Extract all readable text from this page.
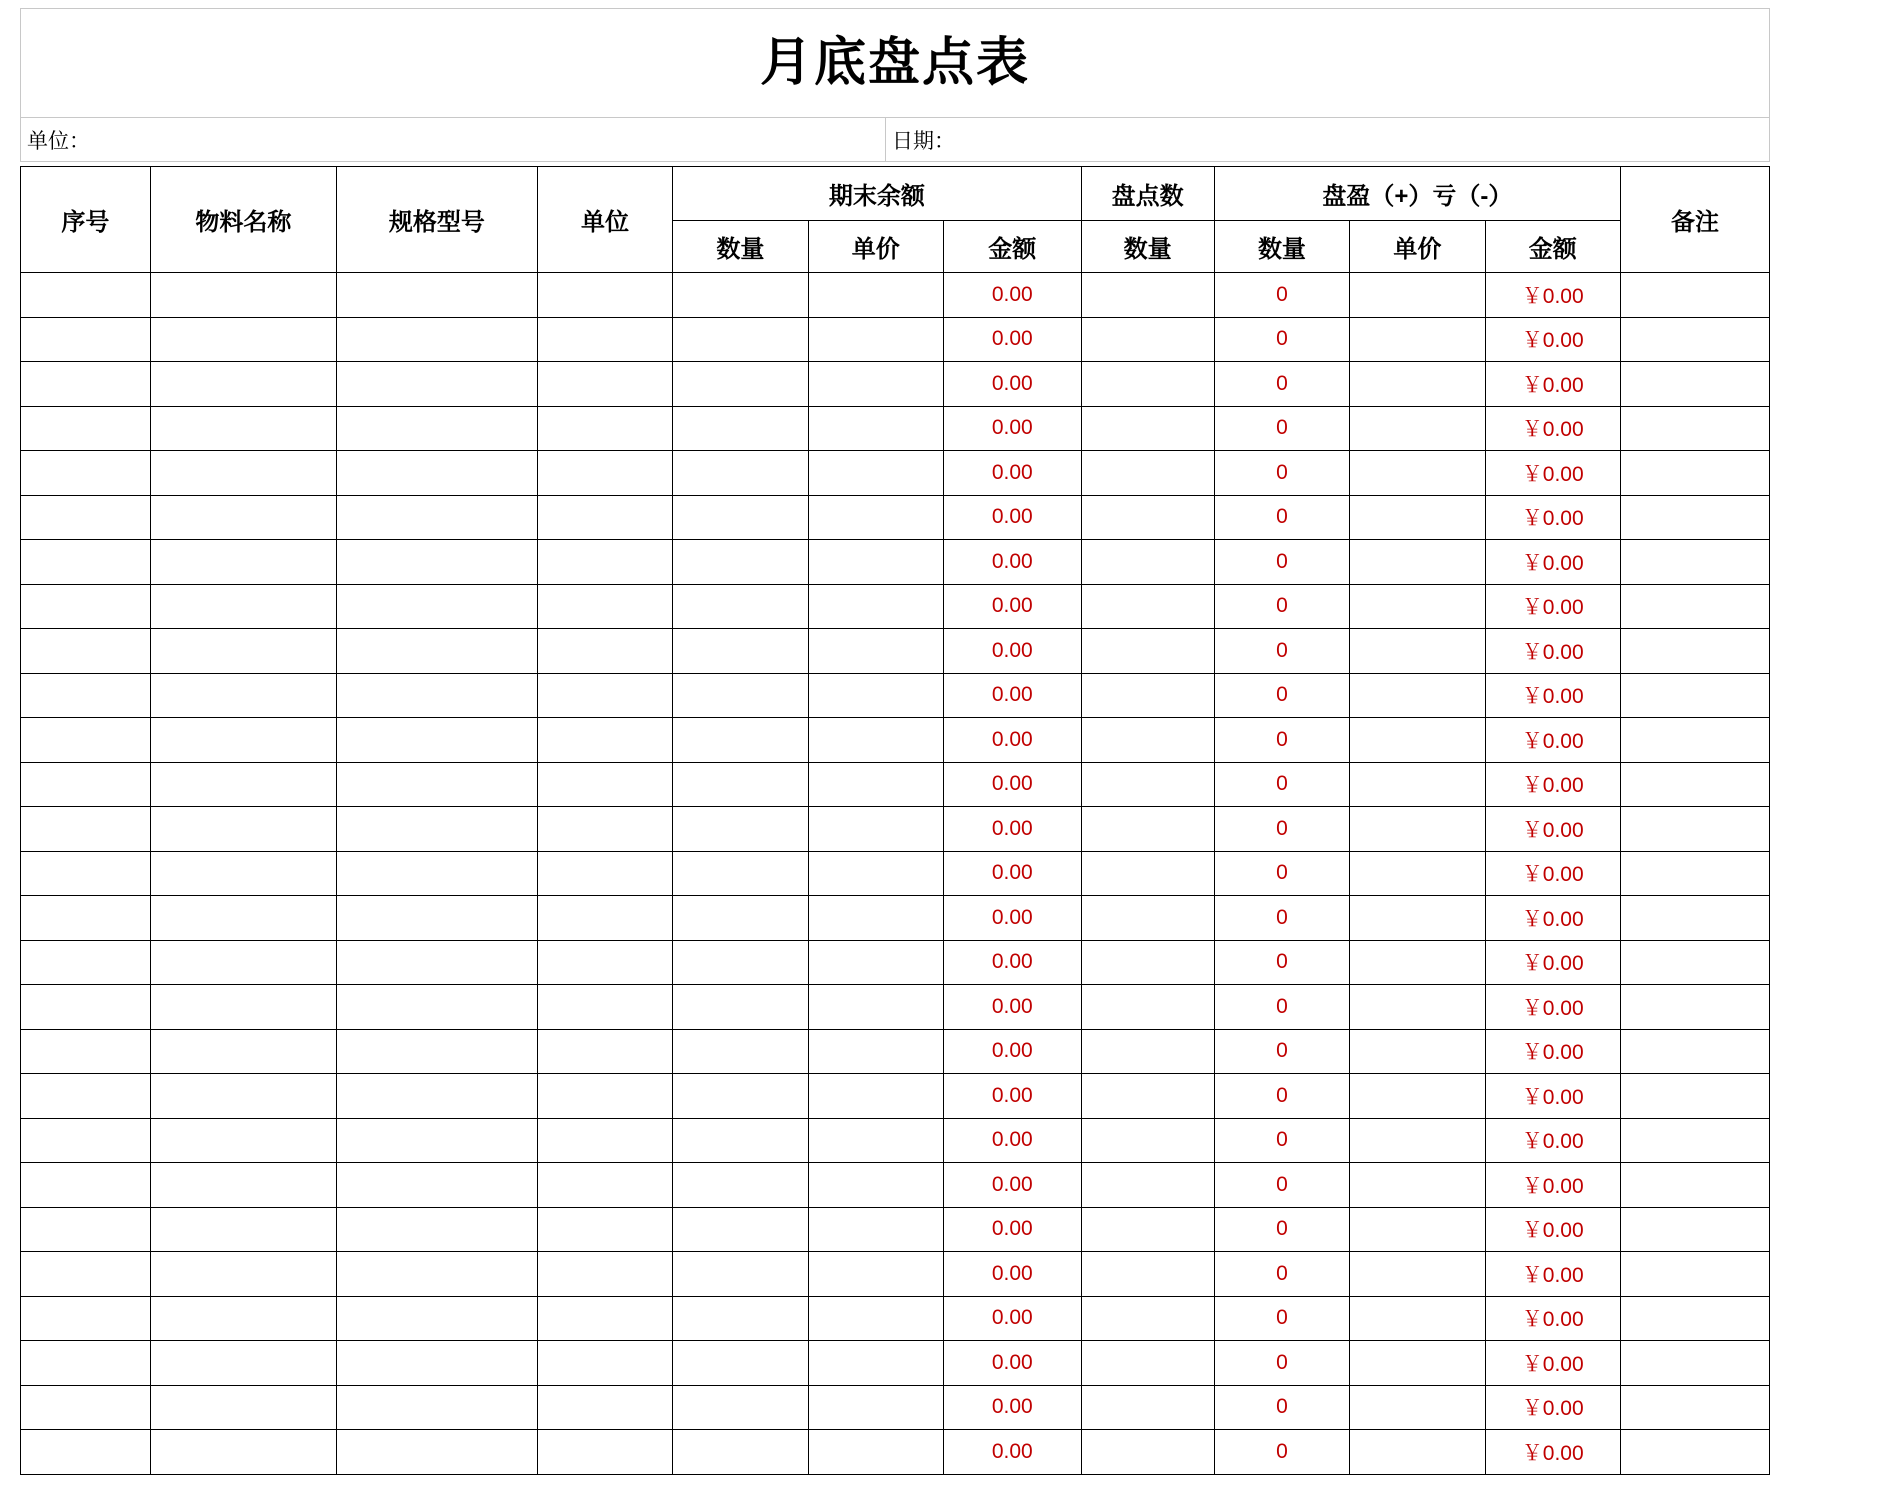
月底盘点表
单位：	日期：
序号	物料名称	规格型号	单位	期末余额			盘点数	盘盈（+）亏（-）			备注
				数量	单价	金额	数量	数量	单价	金额	
						0.00		0		￥0.00	
						0.00		0		￥0.00	
						0.00		0		￥0.00	
						0.00		0		￥0.00	
						0.00		0		￥0.00	
						0.00		0		￥0.00	
						0.00		0		￥0.00	
						0.00		0		￥0.00	
						0.00		0		￥0.00	
						0.00		0		￥0.00	
						0.00		0		￥0.00	
						0.00		0		￥0.00	
						0.00		0		￥0.00	
						0.00		0		￥0.00	
						0.00		0		￥0.00	
						0.00		0		￥0.00	
						0.00		0		￥0.00	
						0.00		0		￥0.00	
						0.00		0		￥0.00	
						0.00		0		￥0.00	
						0.00		0		￥0.00	
						0.00		0		￥0.00	
						0.00		0		￥0.00	
						0.00		0		￥0.00	
						0.00		0		￥0.00	
						0.00		0		￥0.00	
						0.00		0		￥0.00	
